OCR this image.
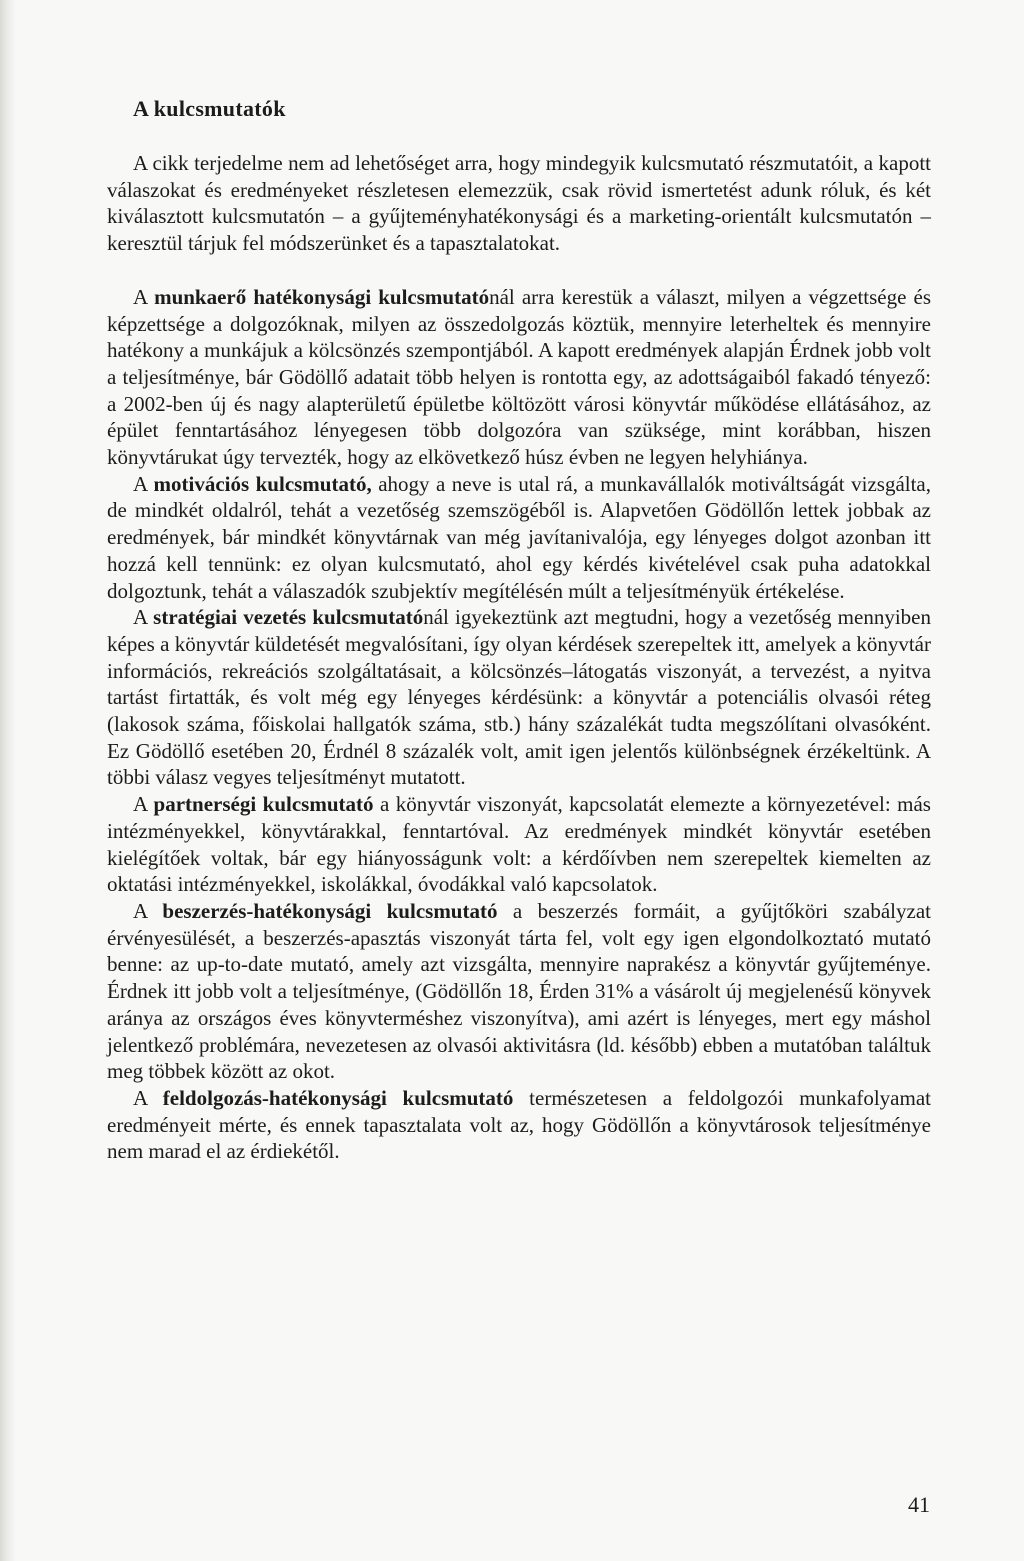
A kulcsmutatók

A cikk terjedelme nem ad lehetőséget arra, hogy mindegyik kulcsmutató részmutatóit, a kapott válaszokat és eredményeket részletesen elemezzük, csak rövid ismertetést adunk róluk, és két kiválasztott kulcsmutatón – a gyűjteményhatékonysági és a marketing-orientált kulcsmutatón – keresztül tárjuk fel módszerünket és a tapasztalatokat.

A munkaerő hatékonysági kulcsmutatónál arra kerestük a választ, milyen a végzettsége és képzettsége a dolgozóknak, milyen az összedolgozás köztük, mennyire leterheltek és mennyire hatékony a munkájuk a kölcsönzés szempontjából. A kapott eredmények alapján Érdnek jobb volt a teljesítménye, bár Gödöllő adatait több helyen is rontotta egy, az adottságaiból fakadó tényező: a 2002-ben új és nagy alapterületű épületbe költözött városi könyvtár működése ellátásához, az épület fenntartásához lényegesen több dolgozóra van szüksége, mint korábban, hiszen könyvtárukat úgy tervezték, hogy az elkövetkező húsz évben ne legyen helyhiánya.

A motivációs kulcsmutató, ahogy a neve is utal rá, a munkavállalók motiváltságát vizsgálta, de mindkét oldalról, tehát a vezetőség szemszögéből is. Alapvetően Gödöllőn lettek jobbak az eredmények, bár mindkét könyvtárnak van még javítanivalója, egy lényeges dolgot azonban itt hozzá kell tennünk: ez olyan kulcsmutató, ahol egy kérdés kivételével csak puha adatokkal dolgoztunk, tehát a válaszadók szubjektív megítélésén múlt a teljesítményük értékelése.

A stratégiai vezetés kulcsmutatónál igyekeztünk azt megtudni, hogy a vezetőség mennyiben képes a könyvtár küldetését megvalósítani, így olyan kérdések szerepeltek itt, amelyek a könyvtár információs, rekreációs szolgáltatásait, a kölcsönzés–látogatás viszonyát, a tervezést, a nyitva tartást firtatták, és volt még egy lényeges kérdésünk: a könyvtár a potenciális olvasói réteg (lakosok száma, főiskolai hallgatók száma, stb.) hány százalékát tudta megszólítani olvasóként. Ez Gödöllő esetében 20, Érdnél 8 százalék volt, amit igen jelentős különbségnek érzékeltünk. A többi válasz vegyes teljesítményt mutatott.

A partnerségi kulcsmutató a könyvtár viszonyát, kapcsolatát elemezte a környezetével: más intézményekkel, könyvtárakkal, fenntartóval. Az eredmények mindkét könyvtár esetében kielégítőek voltak, bár egy hiányosságunk volt: a kérdőívben nem szerepeltek kiemelten az oktatási intézményekkel, iskolákkal, óvodákkal való kapcsolatok.

A beszerzés-hatékonysági kulcsmutató a beszerzés formáit, a gyűjtőköri szabályzat érvényesülését, a beszerzés-apasztás viszonyát tárta fel, volt egy igen elgondolkoztató mutató benne: az up-to-date mutató, amely azt vizsgálta, mennyire naprakész a könyvtár gyűjteménye. Érdnek itt jobb volt a teljesítménye, (Gödöllőn 18, Érden 31% a vásárolt új megjelenésű könyvek aránya az országos éves könyvterméshez viszonyítva), ami azért is lényeges, mert egy máshol jelentkező problémára, nevezetesen az olvasói aktivitásra (ld. később) ebben a mutatóban találtuk meg többek között az okot.

A feldolgozás-hatékonysági kulcsmutató természetesen a feldolgozói munkafolyamat eredményeit mérte, és ennek tapasztalata volt az, hogy Gödöllőn a könyvtárosok teljesítménye nem marad el az érdiekétől.

41
